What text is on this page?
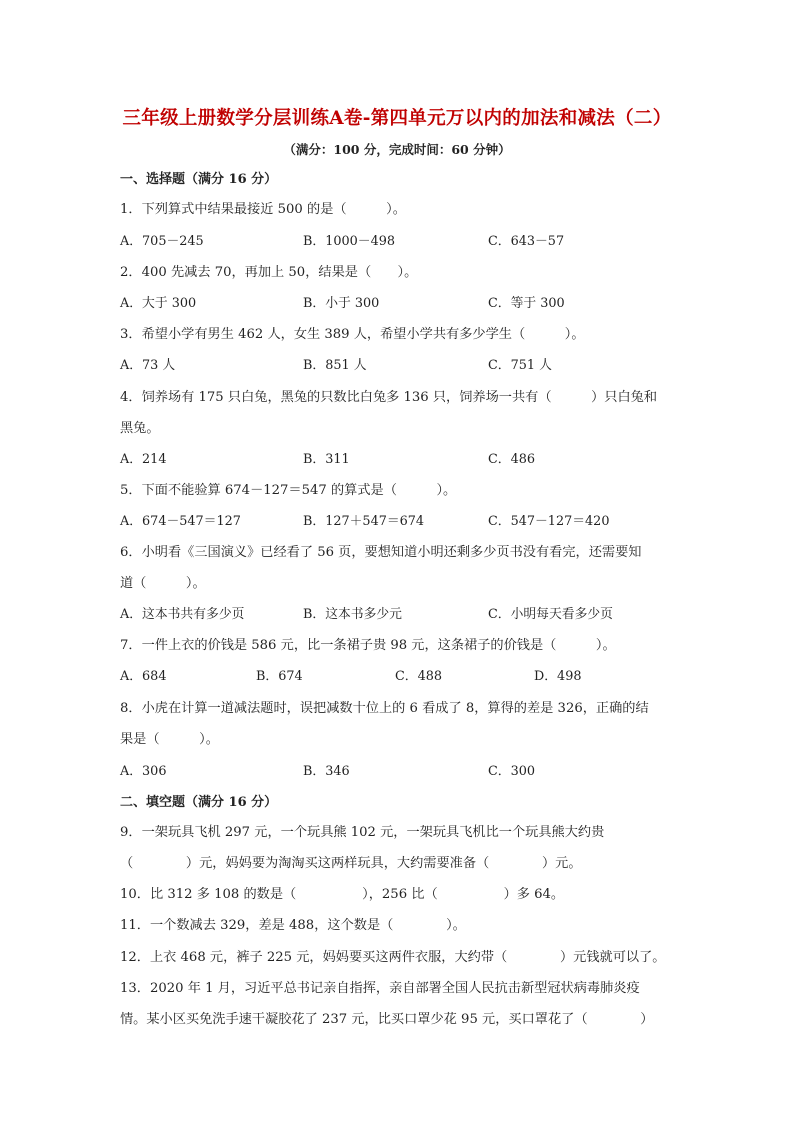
三年级上册数学分层训练A卷-第四单元万以内的加法和减法（二）
（满分：100 分，完成时间：60 分钟）
一、选择题（满分 16 分）
1．下列算式中结果最接近 500 的是（　　　）。
A．705－245	B．1000－498	C．643－57
2．400 先减去 70，再加上 50，结果是（　　）。
A．大于 300	B．小于 300	C．等于 300
3．希望小学有男生 462 人，女生 389 人，希望小学共有多少学生（　　　）。
A．73 人	B．851 人	C．751 人
4．饲养场有 175 只白兔，黑兔的只数比白兔多 136 只，饲养场一共有（　　　）只白兔和
黑兔。
A．214	B．311	C．486
5．下面不能验算 674－127＝547 的算式是（　　　）。
A．674－547＝127	B．127＋547＝674	C．547－127＝420
6．小明看《三国演义》已经看了 56 页，要想知道小明还剩多少页书没有看完，还需要知
道（　　　）。
A．这本书共有多少页	B．这本书多少元	C．小明每天看多少页
7．一件上衣的价钱是 586 元，比一条裙子贵 98 元，这条裙子的价钱是（　　　）。
A．684	B．674	C．488	D．498
8．小虎在计算一道减法题时，误把减数十位上的 6 看成了 8，算得的差是 326，正确的结
果是（　　　）。
A．306	B．346	C．300
二、填空题（满分 16 分）
9．一架玩具飞机 297 元，一个玩具熊 102 元，一架玩具飞机比一个玩具熊大约贵
（　　　　）元，妈妈要为淘淘买这两样玩具，大约需要准备（　　　　）元。
10．比 312 多 108 的数是（　　　　　），256 比（　　　　　）多 64。
11．一个数减去 329，差是 488，这个数是（　　　　）。
12．上衣 468 元，裤子 225 元，妈妈要买这两件衣服，大约带（　　　　）元钱就可以了。
13．2020 年 1 月，习近平总书记亲自指挥，亲自部署全国人民抗击新型冠状病毒肺炎疫
情。某小区买免洗手速干凝胶花了 237 元，比买口罩少花 95 元，买口罩花了（　　　　）
